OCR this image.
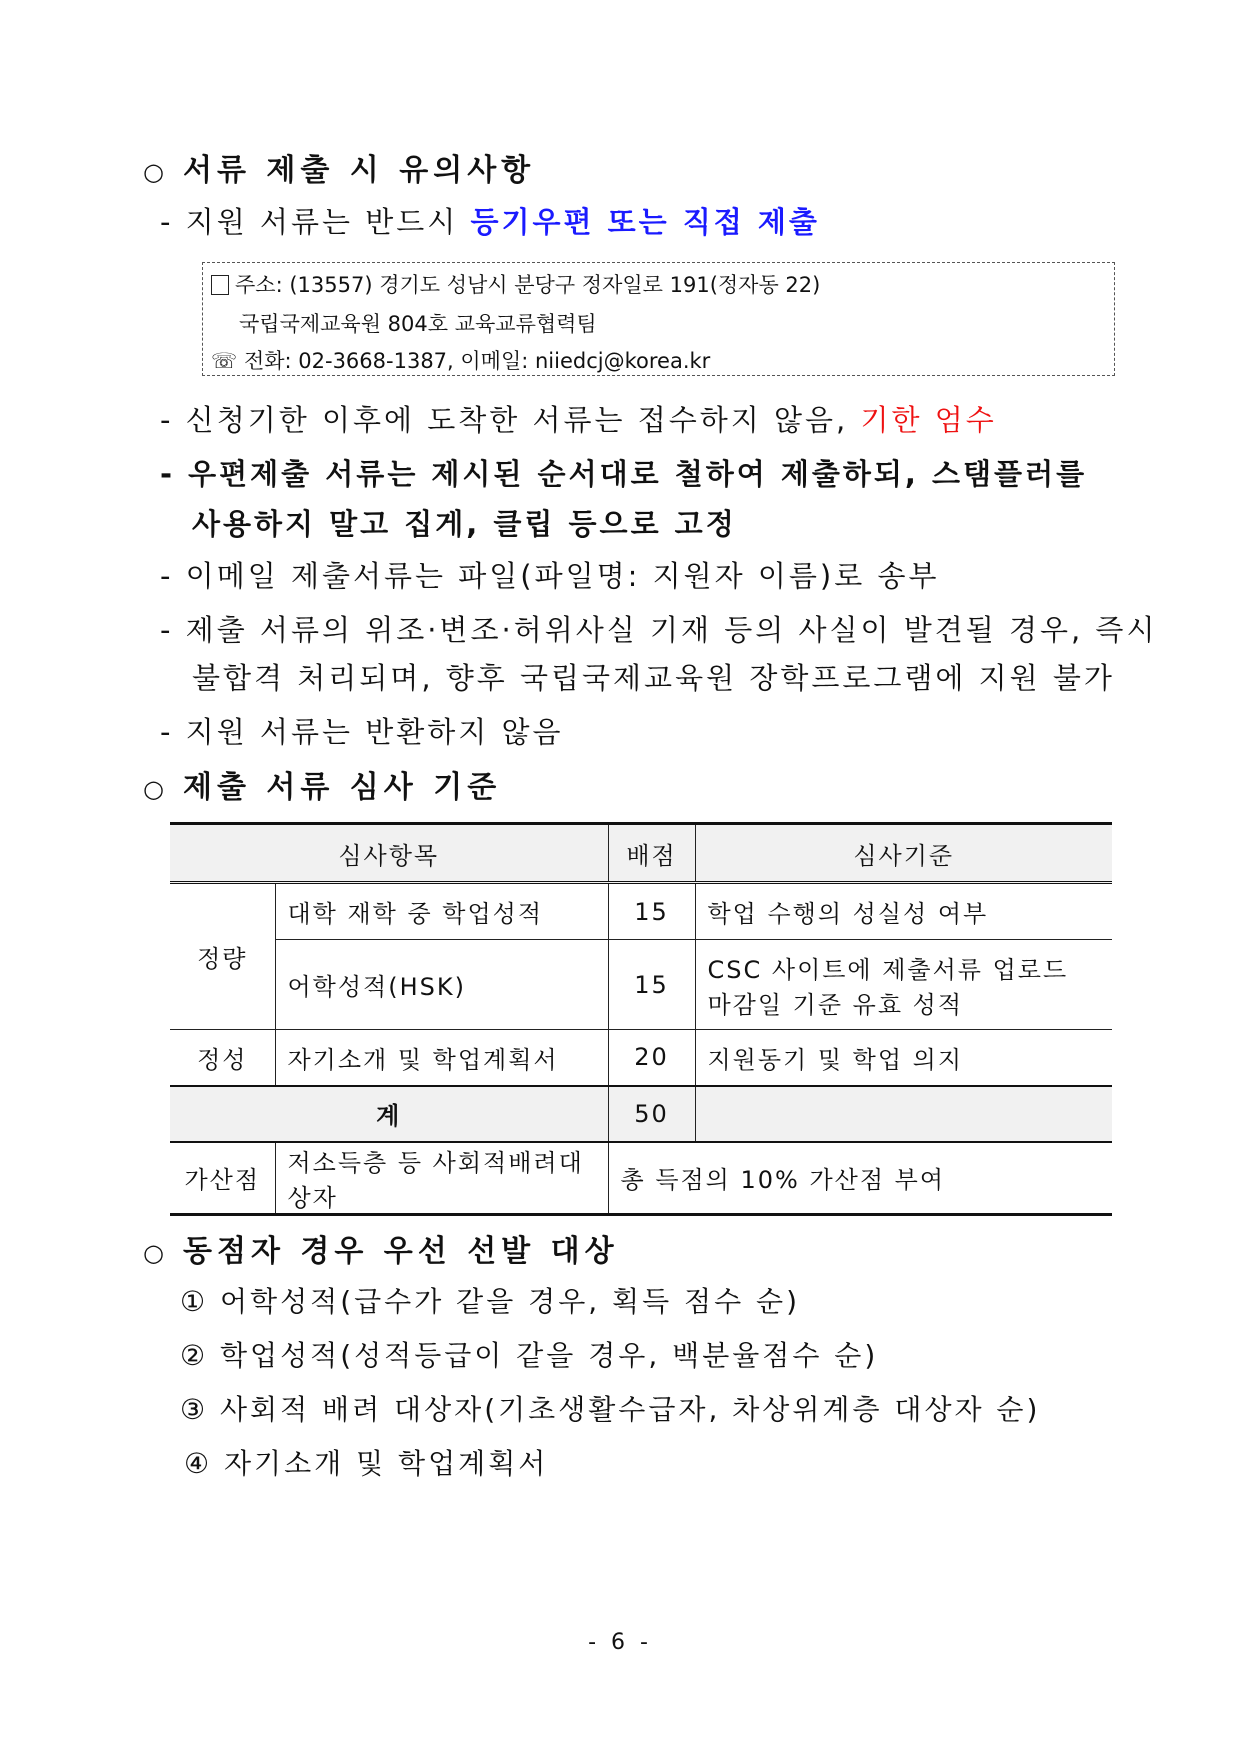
○ 서류 제출 시 유의사항
- 지원 서류는 반드시 등기우편 또는 직접 제출
주소: (13557) 경기도 성남시 분당구 정자일로 191(정자동 22)
국립국제교육원 804호 교육교류협력팀
☏ 전화: 02-3668-1387, 이메일: niiedcj@korea.kr
- 신청기한 이후에 도착한 서류는 접수하지 않음, 기한 엄수
- 우편제출 서류는 제시된 순서대로 철하여 제출하되, 스탬플러를
사용하지 말고 집게, 클립 등으로 고정
- 이메일 제출서류는 파일(파일명: 지원자 이름)로 송부
- 제출 서류의 위조·변조·허위사실 기재 등의 사실이 발견될 경우, 즉시
불합격 처리되며, 향후 국립국제교육원 장학프로그램에 지원 불가
- 지원 서류는 반환하지 않음
○ 제출 서류 심사 기준
심사항목		배점	심사기준
정량	대학 재학 중 학업성적	15	학업 수행의 성실성 여부
	어학성적(HSK)	15	CSC 사이트에 제출서류 업로드
마감일 기준 유효 성적

정성	자기소개 및 학업계획서	20	지원동기 및 학업 의지
계		50	
가산점	저소득층 등 사회적배려대상자	총 득점의 10% 가산점 부여	
○ 동점자 경우 우선 선발 대상
① 어학성적(급수가 같을 경우, 획득 점수 순)
② 학업성적(성적등급이 같을 경우, 백분율점수 순)
③ 사회적 배려 대상자(기초생활수급자, 차상위계층 대상자 순)
④ 자기소개 및 학업계획서
- 6 -
